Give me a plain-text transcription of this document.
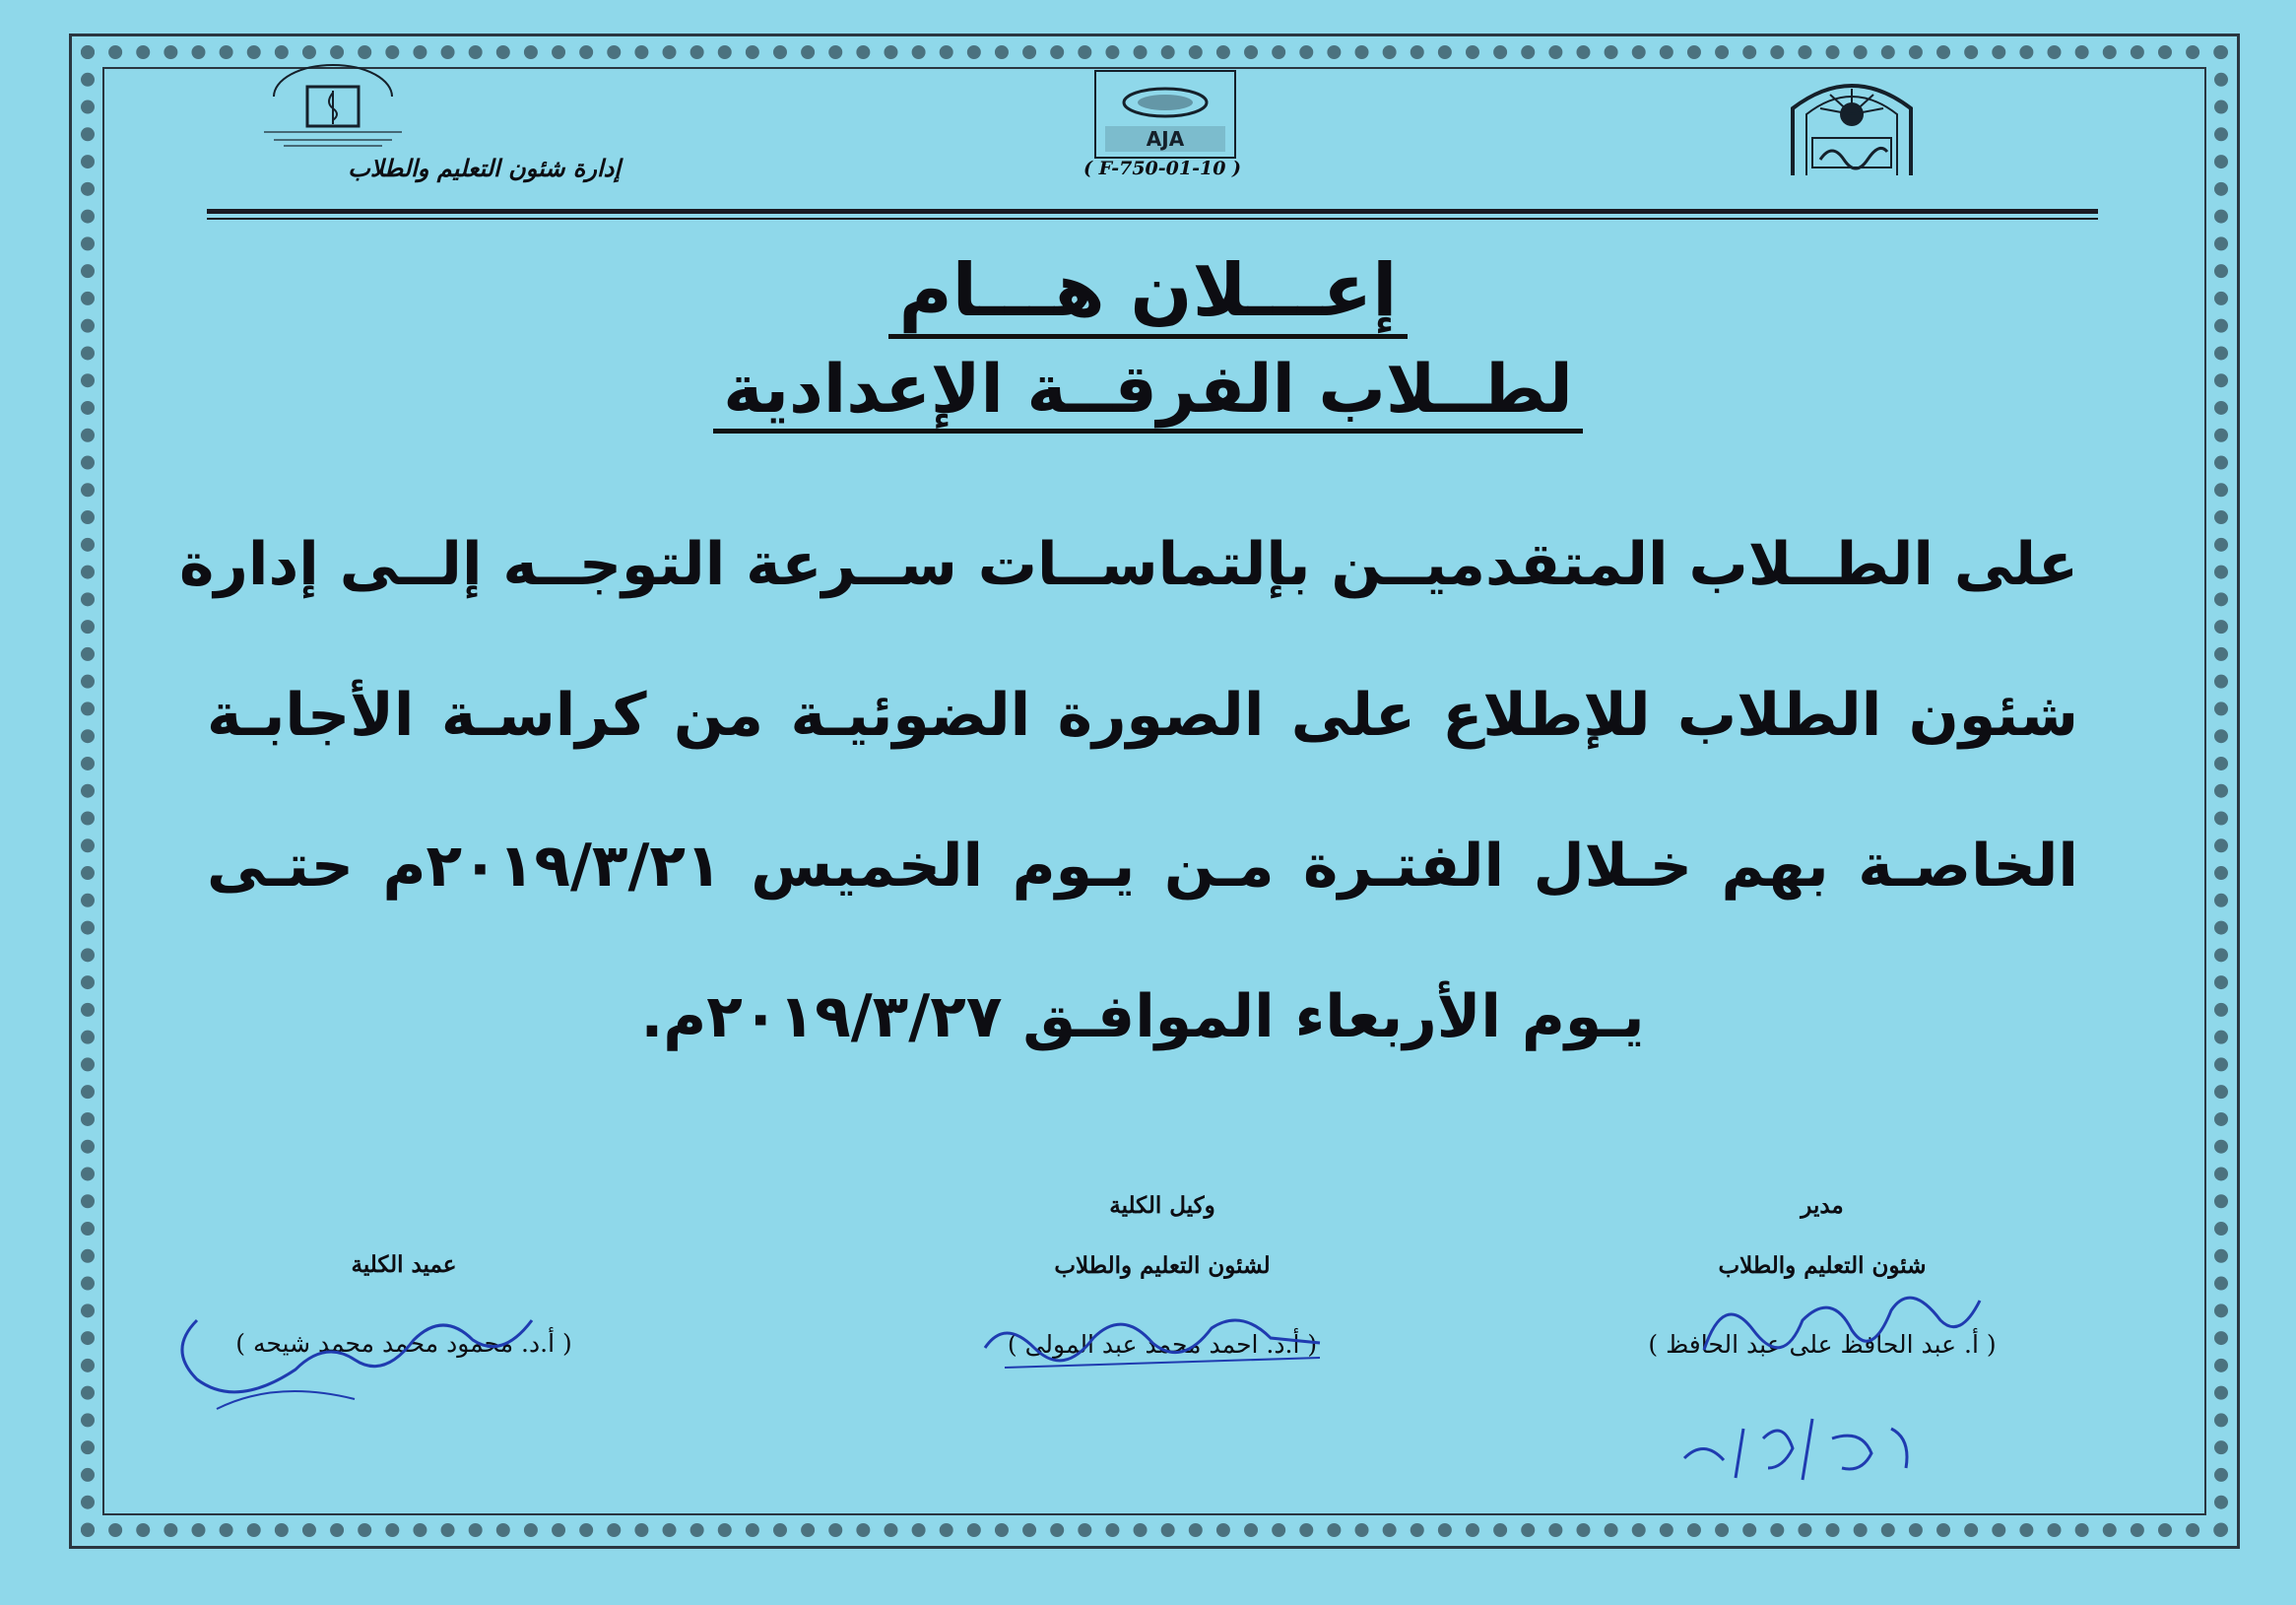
AJA
( F-750-01-10 )
إدارة شئون التعليم والطلاب
إعـــلان هـــام
لطــلاب الفرقــة الإعدادية
على الطــلاب المتقدميــن بإلتماســات ســرعة التوجــه إلــى إدارة
شئون الطلاب للإطلاع على الصورة الضوئيـة من كراسـة الأجابـة
الخاصـة بهم خـلال الفتـرة مـن يـوم الخميس ٢٠١٩/٣/٢١م حتـى
يـوم الأربعاء الموافـق ٢٠١٩/٣/٢٧م.
مدير
شئون التعليم والطلاب
( أ. عبد الحافظ على عبد الحافظ )
وكيل الكلية
لشئون التعليم والطلاب
( أ.د. احمد محمد عبد المولى )
عميد الكلية
( أ.د. محمود محمد محمد شيحه )
